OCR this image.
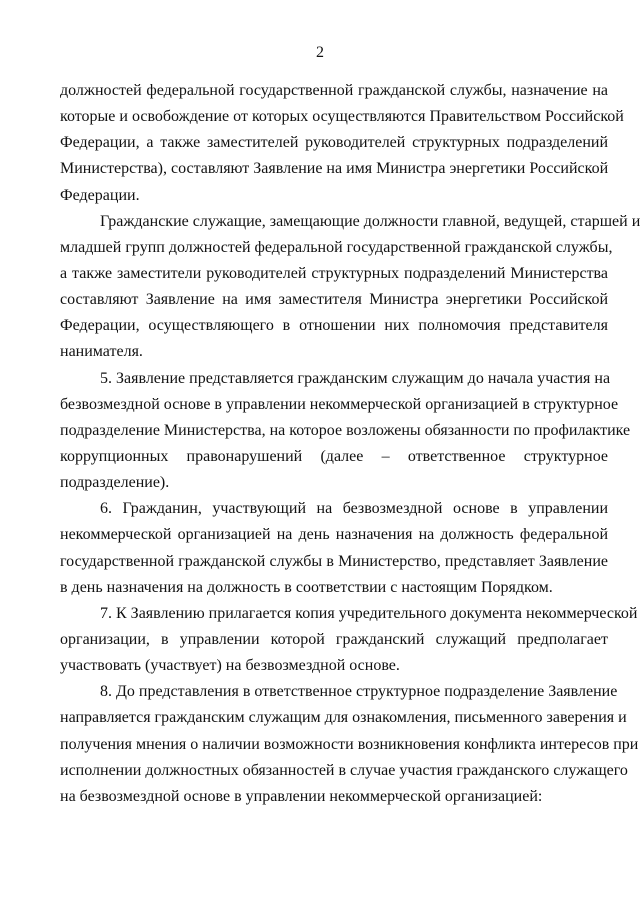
2
должностей федеральной государственной гражданской службы, назначение на
которые и освобождение от которых осуществляются Правительством Российской
Федерации, а также заместителей руководителей структурных подразделений
Министерства), составляют Заявление на имя Министра энергетики Российской
Федерации.
Гражданские служащие, замещающие должности главной, ведущей, старшей и
младшей групп должностей федеральной государственной гражданской службы,
а также заместители руководителей структурных подразделений Министерства
составляют Заявление на имя заместителя Министра энергетики Российской
Федерации, осуществляющего в отношении них полномочия представителя
нанимателя.
5. Заявление представляется гражданским служащим до начала участия на
безвозмездной основе в управлении некоммерческой организацией в структурное
подразделение Министерства, на которое возложены обязанности по профилактике
коррупционных правонарушений (далее – ответственное структурное
подразделение).
6. Гражданин, участвующий на безвозмездной основе в управлении
некоммерческой организацией на день назначения на должность федеральной
государственной гражданской службы в Министерство, представляет Заявление
в день назначения на должность в соответствии с настоящим Порядком.
7. К Заявлению прилагается копия учредительного документа некоммерческой
организации, в управлении которой гражданский служащий предполагает
участвовать (участвует) на безвозмездной основе.
8. До представления в ответственное структурное подразделение Заявление
направляется гражданским служащим для ознакомления, письменного заверения и
получения мнения о наличии возможности возникновения конфликта интересов при
исполнении должностных обязанностей в случае участия гражданского служащего
на безвозмездной основе в управлении некоммерческой организацией:
